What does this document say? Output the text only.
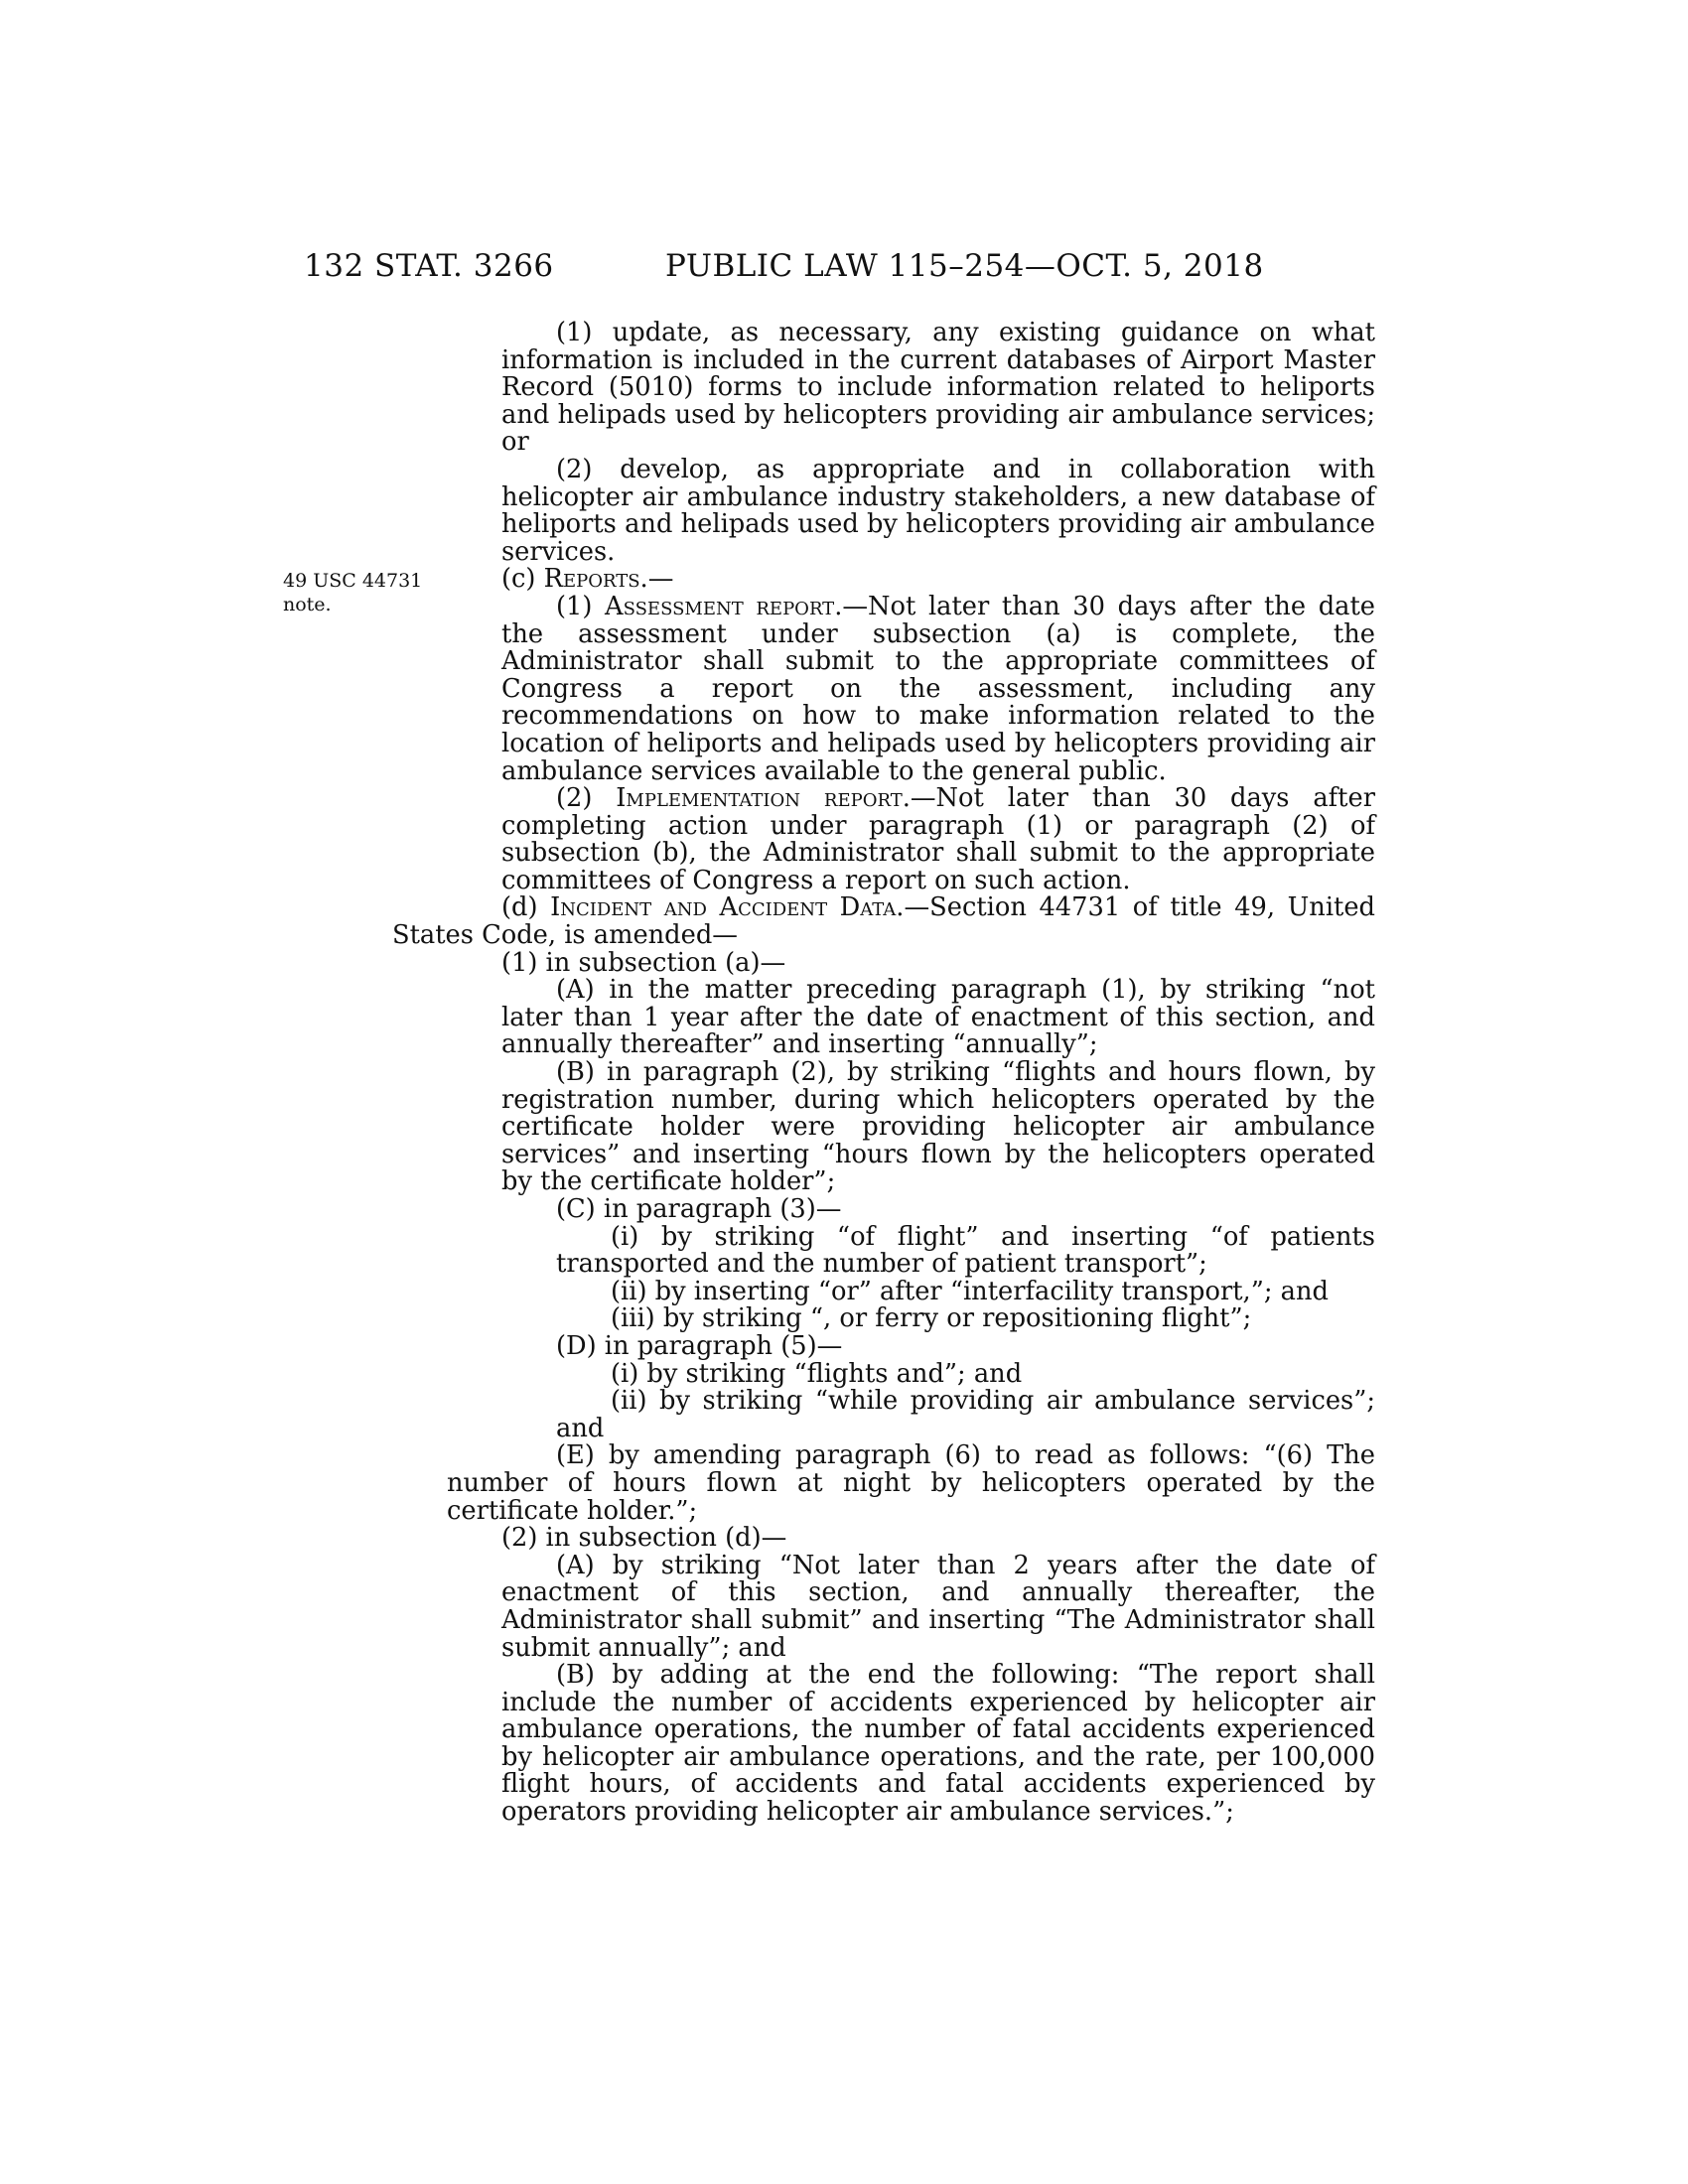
132 STAT. 3266	PUBLIC LAW 115–254—OCT. 5, 2018
49 USC 44731
note.

(1) update, as necessary, any existing guidance on what information is included in the current databases of Airport Master Record (5010) forms to include information related to heliports and helipads used by helicopters providing air ambulance services; or

(2) develop, as appropriate and in collaboration with helicopter air ambulance industry stakeholders, a new database of heliports and helipads used by helicopters providing air ambulance services.

(c) Reports.—

(1) Assessment report.—Not later than 30 days after the date the assessment under subsection (a) is complete, the Administrator shall submit to the appropriate committees of Congress a report on the assessment, including any recommendations on how to make information related to the location of heliports and helipads used by helicopters providing air ambulance services available to the general public.

(2) Implementation report.—Not later than 30 days after completing action under paragraph (1) or paragraph (2) of subsection (b), the Administrator shall submit to the appropriate committees of Congress a report on such action.

(d) Incident and Accident Data.—Section 44731 of title 49, United States Code, is amended—

(1) in subsection (a)—

(A) in the matter preceding paragraph (1), by striking “not later than 1 year after the date of enactment of this section, and annually thereafter” and inserting “annually”;

(B) in paragraph (2), by striking “flights and hours flown, by registration number, during which helicopters operated by the certificate holder were providing helicopter air ambulance services” and inserting “hours flown by the helicopters operated by the certificate holder”;

(C) in paragraph (3)—

(i) by striking “of flight” and inserting “of patients transported and the number of patient transport”;

(ii) by inserting “or” after “interfacility transport,”; and

(iii) by striking “, or ferry or repositioning flight”;

(D) in paragraph (5)—

(i) by striking “flights and”; and

(ii) by striking “while providing air ambulance services”; and

(E) by amending paragraph (6) to read as follows: “(6) The number of hours flown at night by helicopters operated by the certificate holder.”;

(2) in subsection (d)—

(A) by striking “Not later than 2 years after the date of enactment of this section, and annually thereafter, the Administrator shall submit” and inserting “The Administrator shall submit annually”; and

(B) by adding at the end the following: “The report shall include the number of accidents experienced by helicopter air ambulance operations, the number of fatal accidents experienced by helicopter air ambulance operations, and the rate, per 100,000 flight hours, of accidents and fatal accidents experienced by operators providing helicopter air ambulance services.”;
